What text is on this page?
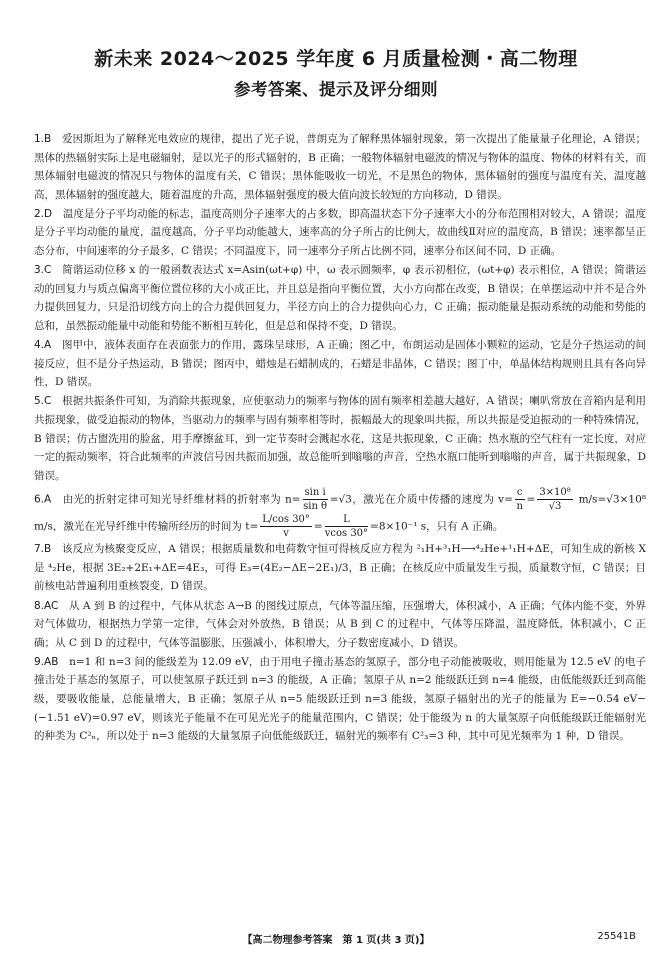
新未来 2024～2025 学年度 6 月质量检测・高二物理
参考答案、提示及评分细则
1.B　 爱因斯坦为了解释光电效应的规律，提出了光子说，普朗克为了解释黑体辐射现象，第一次提出了能量量子化理论，A 错误；黑体的热辐射实际上是电磁辐射，是以光子的形式辐射的，B 正确；一般物体辐射电磁波的情况与物体的温度、物体的材料有关，而黑体辐射电磁波的情况只与物体的温度有关，C 错误；黑体能吸收一切光，不是黑色的物体，黑体辐射的强度与温度有关，温度越高，黑体辐射的强度越大，随着温度的升高，黑体辐射强度的极大值向波长较短的方向移动，D 错误。
2.D　 温度是分子平均动能的标志，温度高则分子速率大的占多数，即高温状态下分子速率大小的分布范围相对较大，A 错误；温度是分子平均动能的量度，温度越高，分子平均动能越大，速率高的分子所占的比例大，故曲线Ⅱ对应的温度高，B 错误；速率都呈正态分布，中间速率的分子最多，C 错误；不同温度下，同一速率分子所占比例不同，速率分布区间不同，D 正确。
3.C　 简谐运动位移 x 的一般函数表达式 x=Asin(ωt+φ) 中，ω 表示圆频率，φ 表示初相位，(ωt+φ) 表示相位，A 错误；简谐运动的回复力与质点偏离平衡位置位移的大小成正比，并且总是指向平衡位置，大小方向都在改变，B 错误；在单摆运动中并不是合外力提供回复力，只是沿切线方向上的合力提供回复力，半径方向上的合力提供向心力，C 正确；振动能量是振动系统的动能和势能的总和，虽然振动能量中动能和势能不断相互转化，但是总和保持不变，D 错误。
4.A　 图甲中，液体表面存在表面张力的作用，露珠呈球形，A 正确；图乙中，布朗运动是固体小颗粒的运动，它是分子热运动的间接反应，但不是分子热运动，B 错误；图丙中，蜡烛是石蜡制成的，石蜡是非晶体，C 错误；图丁中，单晶体结构规则且具有各向异性，D 错误。
5.C　 根据共振条件可知，为消除共振现象，应使驱动力的频率与物体的固有频率相差越大越好，A 错误；喇叭常放在音箱内是利用共振现象，做受迫振动的物体，当驱动力的频率与固有频率相等时，振幅最大的现象叫共振，所以共振是受迫振动的一种特殊情况，B 错误；仿古盥洗用的脸盆，用手摩擦盆耳，到一定节奏时会溅起水花，这是共振现象，C 正确；热水瓶的空气柱有一定长度，对应一定的振动频率，符合此频率的声波信号因共振而加强，故总能听到嗡嗡的声音，空热水瓶口能听到嗡嗡的声音，属于共振现象，D 错误。
6.A　 由光的折射定律可知光导纤维材料的折射率为 $n= \frac{\text{sin i}}{\text{sin θ}} =√3$，激光在介质中传播的速度为 $v= \frac{c}{n} = \frac{\text{3×10⁸}}{√3} m/s=√3\times 10^8$ m/s，激光在光导纤维中传输所经历的时间为 $t= \frac{L/\cos 30^\circ}{v} = \frac{L}{vcos 30^\circ} =8\times 10^{-1}$ s，只有 A 正确。
7.B　 该反应为核聚变反应，A 错误；根据质量数和电荷数守恒可得核反应方程为 ²₁H+³₁H⟶⁴₂He+¹₁H+ΔE，可知生成的新核 X 是 ⁴₂He，根据 3E₂+2E₁+ΔE=4E₃，可得 E₃=(4E₂−ΔE−2E₁)/3，B 正确；在核反应中质量发生亏损，质量数守恒，C 错误；目前核电站普遍利用重核裂变，D 错误。
8.AC　 从 A 到 B 的过程中，气体从状态 A→B 的图线过原点，气体等温压缩，压强增大，体积减小，A 正确；气体内能不变，外界对气体做功，根据热力学第一定律，气体会对外放热，B 错误；从 B 到 C 的过程中，气体等压降温，温度降低，体积减小，C 正确；从 C 到 D 的过程中，气体等温膨胀，压强减小，体积增大，分子数密度减小，D 错误。
9.AB　 n=1 和 n=3 间的能级差为 12.09 eV，由于用电子撞击基态的氢原子，部分电子动能被吸收，则用能量为 12.5 eV 的电子撞击处于基态的氢原子，可以使氢原子跃迁到 n=3 的能级，A 正确；氢原子从 n=2 能级跃迁到 n=4 能级，由低能级跃迁到高能级，要吸收能量，总能量增大，B 正确；氢原子从 n=5 能级跃迁到 n=3 能级，氢原子辐射出的光子的能量为 E=−0.54 eV−(−1.51 eV)=0.97 eV，则该光子能量不在可见光光子的能量范围内，C 错误；处于能级为 n 的大量氢原子向低能级跃迁能辐射光的种类为 C²ₙ，所以处于 n=3 能级的大量氢原子向低能级跃迁，辐射光的频率有 C²₃=3 种，其中可见光频率为 1 种，D 错误。
【高二物理参考答案　第 1 页(共 3 页)】	25541B
